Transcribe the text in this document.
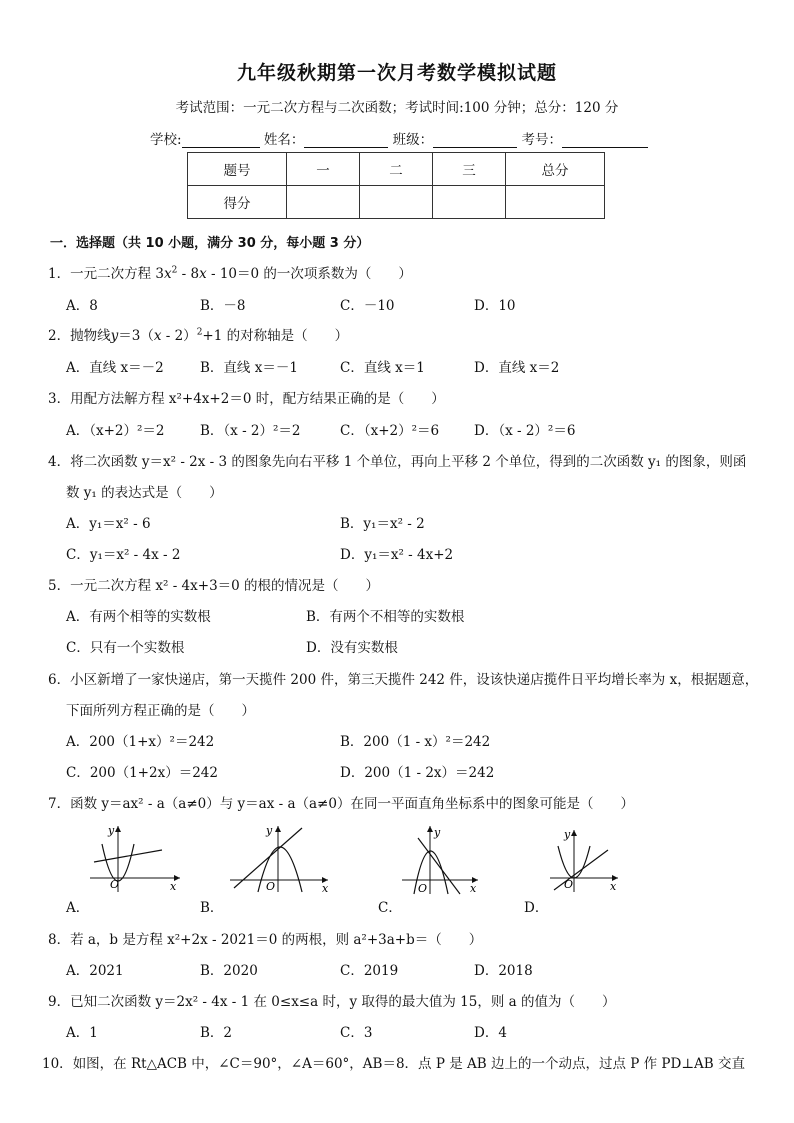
九年级秋期第一次月考数学模拟试题
考试范围：一元二次方程与二次函数；考试时间:100 分钟；总分：120 分
学校:	姓名：	班级：	考号：
题号	一	二	三	总分
得分				
一．选择题（共 10 小题，满分 30 分，每小题 3 分）
1．一元二次方程 $3x^2 - 8x - 10=0$ 的一次项系数为（　　）
A．8	B．－8	C．－10	D．10
2．抛物线y＝3（x - 2）$^2$+1 的对称轴是（　　）
A．直线 x＝－2	B．直线 x＝－1	C．直线 x＝1	D．直线 x＝2
3．用配方法解方程 x²+4x+2＝0 时，配方结果正确的是（　　）
A．（x+2）²＝2	B．（x - 2）²＝2	C．（x+2）²＝6	D．（x - 2）²＝6
4．将二次函数 y＝x² - 2x - 3 的图象先向右平移 1 个单位，再向上平移 2 个单位，得到的二次函数 y₁ 的图象，则函
数 y₁ 的表达式是（　　）
A．y₁＝x² - 6	B．y₁＝x² - 2
C．y₁＝x² - 4x - 2	D．y₁＝x² - 4x+2
5．一元二次方程 x² - 4x+3＝0 的根的情况是（　　）
A．有两个相等的实数根	B．有两个不相等的实数根
C．只有一个实数根	D．没有实数根
6．小区新增了一家快递店，第一天揽件 200 件，第三天揽件 242 件，设该快递店揽件日平均增长率为 x，根据题意，
下面所列方程正确的是（　　）
A．200（1+x）²＝242	B．200（1 - x）²＝242
C．200（1+2x）＝242	D．200（1 - 2x）＝242
7．函数 y＝ax² - a（a≠0）与 y＝ax - a（a≠0）在同一平面直角坐标系中的图象可能是（　　）
y
x
O
A．
y
x
O
B．
y
x
O
C．
y
x
O
D．
8．若 a，b 是方程 x²+2x - 2021＝0 的两根，则 a²+3a+b＝（　　）
A．2021	B．2020	C．2019	D．2018
9．已知二次函数 y＝2x² - 4x - 1 在 0≤x≤a 时，y 取得的最大值为 15，则 a 的值为（　　）
A．1	B．2	C．3	D．4
10．如图，在 Rt△ACB 中，∠C＝90°，∠A＝60°，AB＝8．点 P 是 AB 边上的一个动点，过点 P 作 PD⊥AB 交直
